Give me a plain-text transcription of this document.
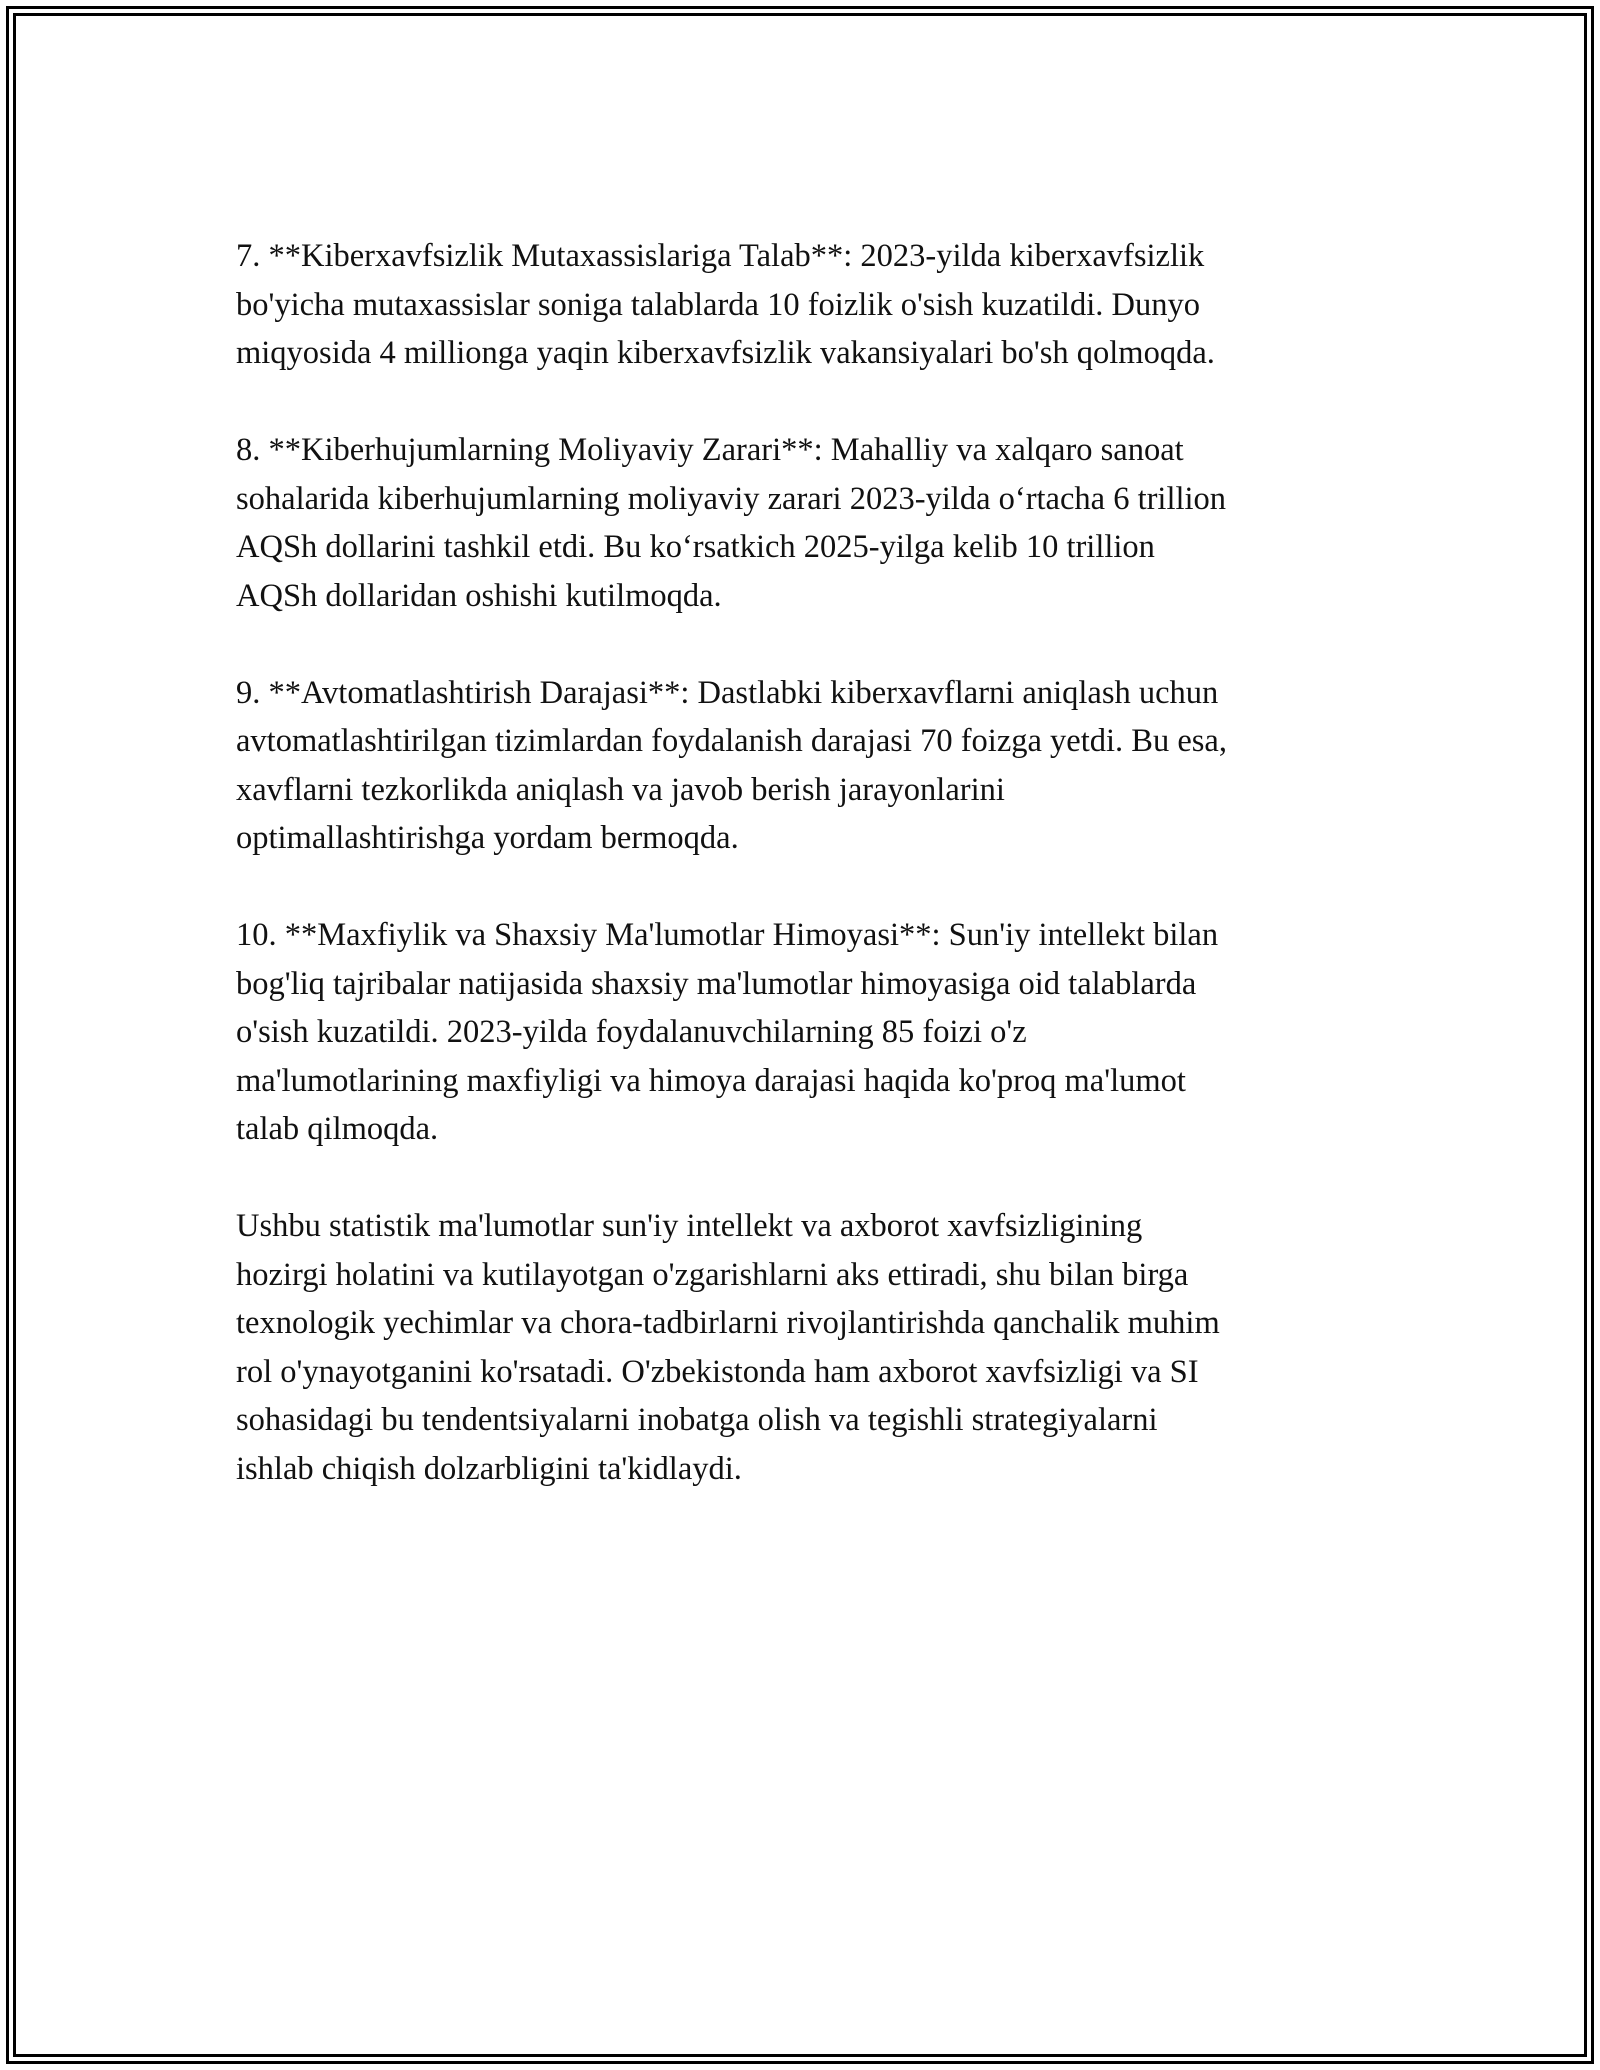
7. **Kiberxavfsizlik Mutaxassislariga Talab**: 2023-yilda kiberxavfsizlik
bo'yicha mutaxassislar soniga talablarda 10 foizlik o'sish kuzatildi. Dunyo
miqyosida 4 millionga yaqin kiberxavfsizlik vakansiyalari bo'sh qolmoqda.

8. **Kiberhujumlarning Moliyaviy Zarari**: Mahalliy va xalqaro sanoat
sohalarida kiberhujumlarning moliyaviy zarari 2023-yilda oʻrtacha 6 trillion
AQSh dollarini tashkil etdi. Bu koʻrsatkich 2025-yilga kelib 10 trillion
AQSh dollaridan oshishi kutilmoqda.

9. **Avtomatlashtirish Darajasi**: Dastlabki kiberxavflarni aniqlash uchun
avtomatlashtirilgan tizimlardan foydalanish darajasi 70 foizga yetdi. Bu esa,
xavflarni tezkorlikda aniqlash va javob berish jarayonlarini
optimallashtirishga yordam bermoqda.

10. **Maxfiylik va Shaxsiy Ma'lumotlar Himoyasi**: Sun'iy intellekt bilan
bog'liq tajribalar natijasida shaxsiy ma'lumotlar himoyasiga oid talablarda
o'sish kuzatildi. 2023-yilda foydalanuvchilarning 85 foizi o'z
ma'lumotlarining maxfiyligi va himoya darajasi haqida ko'proq ma'lumot
talab qilmoqda.

Ushbu statistik ma'lumotlar sun'iy intellekt va axborot xavfsizligining
hozirgi holatini va kutilayotgan o'zgarishlarni aks ettiradi, shu bilan birga
texnologik yechimlar va chora-tadbirlarni rivojlantirishda qanchalik muhim
rol o'ynayotganini ko'rsatadi. O'zbekistonda ham axborot xavfsizligi va SI
sohasidagi bu tendentsiyalarni inobatga olish va tegishli strategiyalarni
ishlab chiqish dolzarbligini ta'kidlaydi.
